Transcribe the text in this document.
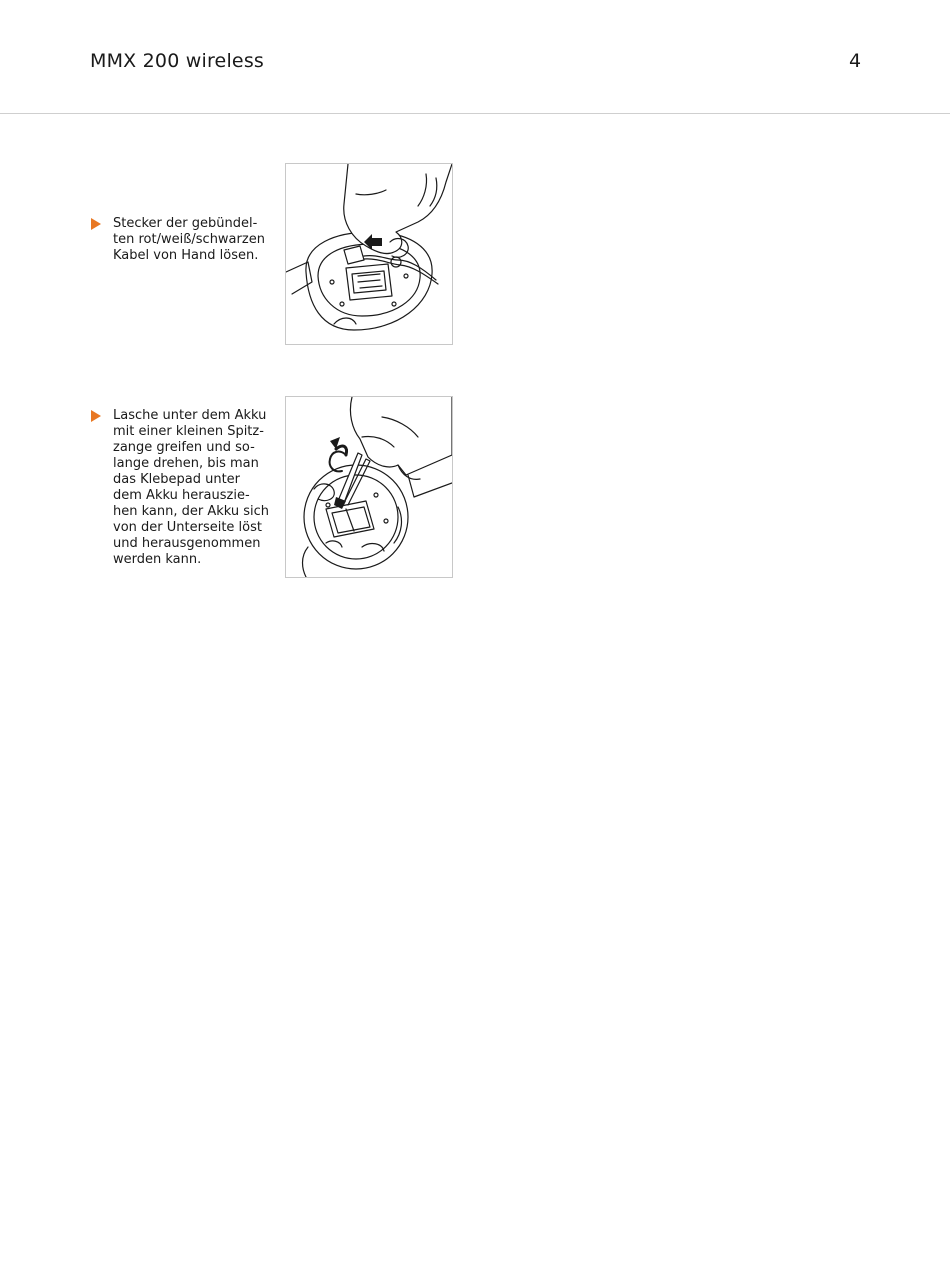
MMX 200 wireless	4
Stecker der gebündel-
ten rot/weiß/schwarzen
Kabel von Hand lösen.
Lasche unter dem Akku
mit einer kleinen Spitz-
zange greifen und so-
lange drehen, bis man
das Klebepad unter
dem Akku herauszie-
hen kann, der Akku sich
von der Unterseite löst
und herausgenommen
werden kann.
